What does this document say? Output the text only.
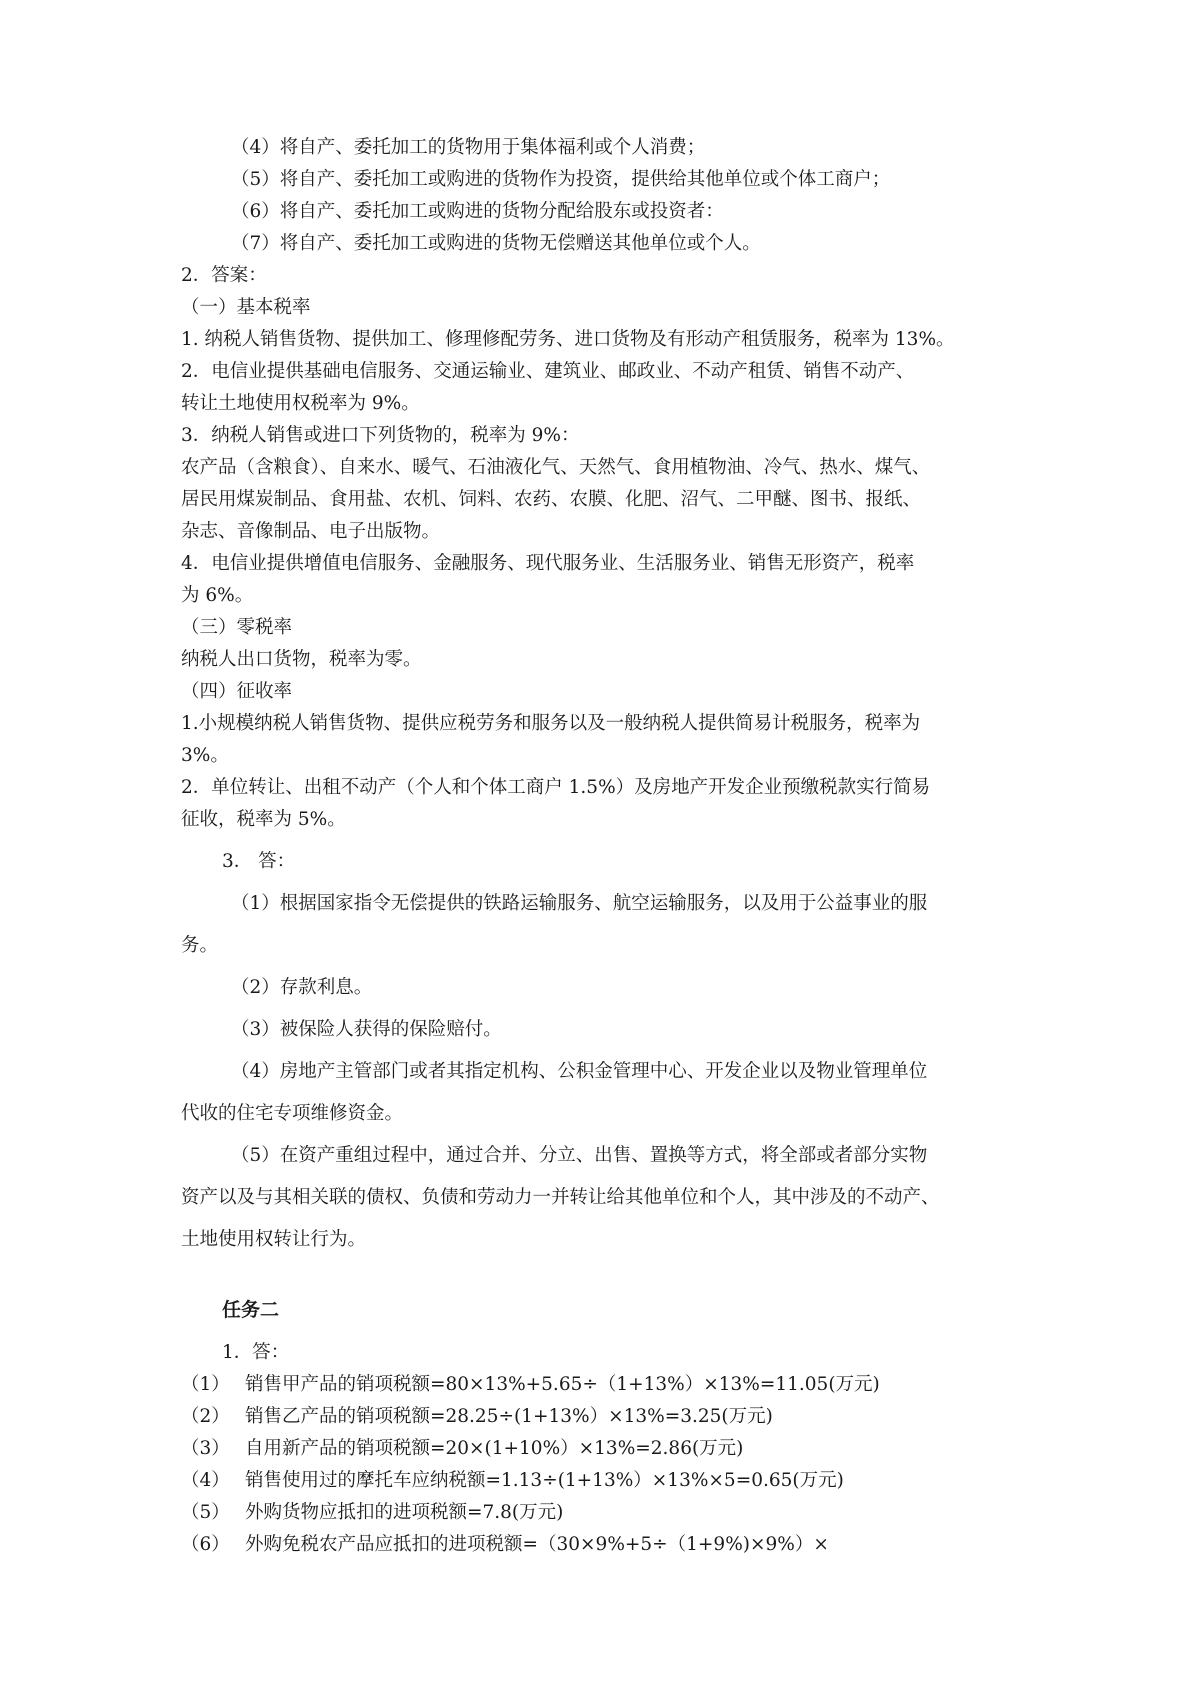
（4）将自产、委托加工的货物用于集体福利或个人消费；
（5）将自产、委托加工或购进的货物作为投资，提供给其他单位或个体工商户；
（6）将自产、委托加工或购进的货物分配给股东或投资者：
（7）将自产、委托加工或购进的货物无偿赠送其他单位或个人。
2．答案：
（一）基本税率
1. 纳税人销售货物、提供加工、修理修配劳务、进口货物及有形动产租赁服务，税率为 13%。
2．电信业提供基础电信服务、交通运输业、建筑业、邮政业、不动产租赁、销售不动产、
转让土地使用权税率为 9%。
3．纳税人销售或进口下列货物的，税率为 9%：
农产品（含粮食）、自来水、暖气、石油液化气、天然气、食用植物油、冷气、热水、煤气、
居民用煤炭制品、食用盐、农机、饲料、农药、农膜、化肥、沼气、二甲醚、图书、报纸、
杂志、音像制品、电子出版物。
4．电信业提供增值电信服务、金融服务、现代服务业、生活服务业、销售无形资产，税率
为 6%。
（三）零税率
纳税人出口货物，税率为零。
（四）征收率
1.小规模纳税人销售货物、提供应税劳务和服务以及一般纳税人提供简易计税服务，税率为
3%。
2．单位转让、出租不动产（个人和个体工商户 1.5%）及房地产开发企业预缴税款实行简易
征收，税率为 5%。
3． 答：
（1）根据国家指令无偿提供的铁路运输服务、航空运输服务，以及用于公益事业的服
务。
（2）存款利息。
（3）被保险人获得的保险赔付。
（4）房地产主管部门或者其指定机构、公积金管理中心、开发企业以及物业管理单位
代收的住宅专项维修资金。
（5）在资产重组过程中，通过合并、分立、出售、置换等方式，将全部或者部分实物
资产以及与其相关联的债权、负债和劳动力一并转让给其他单位和个人，其中涉及的不动产、
土地使用权转让行为。
任务二
1．答：
（1） 销售甲产品的销项税额=80×13%+5.65÷（1+13%）×13%=11.05(万元)
（2） 销售乙产品的销项税额=28.25÷(1+13%）×13%=3.25(万元)
（3） 自用新产品的销项税额=20×(1+10%）×13%=2.86(万元)
（4） 销售使用过的摩托车应纳税额=1.13÷(1+13%）×13%×5=0.65(万元)
（5） 外购货物应抵扣的进项税额=7.8(万元)
（6） 外购免税农产品应抵扣的进项税额=（30×9%+5÷（1+9%)×9%）×
